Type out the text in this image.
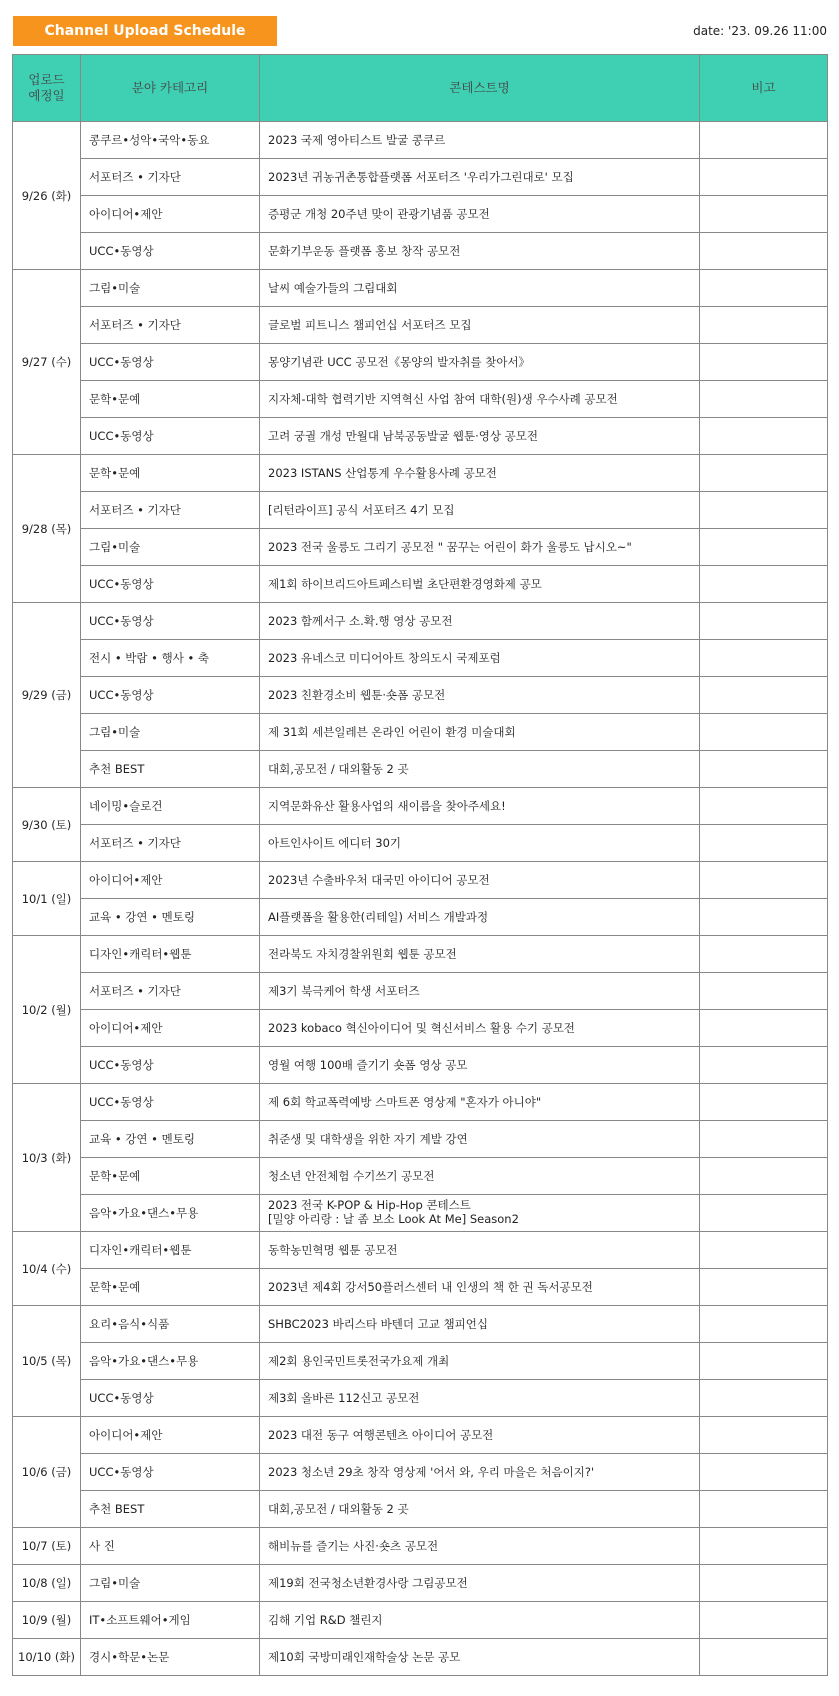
Channel Upload Schedule	date: '23. 09.26 11:00
업로드
예정일	분야 카테고리	콘테스트명	비고
9/26 (화)	콩쿠르•성악•국악•동요	2023 국제 영아티스트 발굴 콩쿠르	
	서포터즈 • 기자단	2023년 귀농귀촌통합플랫폼 서포터즈 '우리가그린대로' 모집	
	아이디어•제안	증평군 개청 20주년 맞이 관광기념품 공모전	
	UCC•동영상	문화기부운동 플랫폼 홍보 창작 공모전	
9/27 (수)	그림•미술	날씨 예술가들의 그림대회	
	서포터즈 • 기자단	글로벌 피트니스 챔피언십 서포터즈 모집	
	UCC•동영상	몽양기념관 UCC 공모전《몽양의 발자취를 찾아서》	
	문학•문예	지자체-대학 협력기반 지역혁신 사업 참여 대학(원)생 우수사례 공모전	
	UCC•동영상	고려 궁궐 개성 만월대 남북공동발굴 웹툰·영상 공모전	
9/28 (목)	문학•문예	2023 ISTANS 산업통계 우수활용사례 공모전	
	서포터즈 • 기자단	[리턴라이프] 공식 서포터즈 4기 모집	
	그림•미술	2023 전국 울릉도 그리기 공모전 " 꿈꾸는 어린이 화가 울릉도 납시오~"	
	UCC•동영상	제1회 하이브리드아트페스티벌 초단편환경영화제 공모	
9/29 (금)	UCC•동영상	2023 함께서구 소.확.행 영상 공모전	
	전시 • 박람 • 행사 • 축	2023 유네스코 미디어아트 창의도시 국제포럼	
	UCC•동영상	2023 친환경소비 웹툰·숏폼 공모전	
	그림•미술	제 31회 세븐일레븐 온라인 어린이 환경 미술대회	
	추천 BEST	대회,공모전 / 대외활동 2 곳	
9/30 (토)	네이밍•슬로건	지역문화유산 활용사업의 새이름을 찾아주세요!	
	서포터즈 • 기자단	아트인사이트 에디터 30기	
10/1 (일)	아이디어•제안	2023년 수출바우처 대국민 아이디어 공모전	
	교육 • 강연 • 멘토링	AI플랫폼을 활용한(리테일) 서비스 개발과정	
10/2 (월)	디자인•캐릭터•웹툰	전라북도 자치경찰위원회 웹툰 공모전	
	서포터즈 • 기자단	제3기 북극케어 학생 서포터즈	
	아이디어•제안	2023 kobaco 혁신아이디어 및 혁신서비스 활용 수기 공모전	
	UCC•동영상	영월 여행 100배 즐기기 숏폼 영상 공모	
10/3 (화)	UCC•동영상	제 6회 학교폭력예방 스마트폰 영상제 "혼자가 아니야"	
	교육 • 강연 • 멘토링	취준생 및 대학생을 위한 자기 계발 강연	
	문학•문예	청소년 안전체험 수기쓰기 공모전	
	음악•가요•댄스•무용	2023 전국 K-POP & Hip-Hop 콘테스트
[밀양 아리랑 : 날 좀 보소 Look At Me] Season2	

10/4 (수)	디자인•캐릭터•웹툰	동학농민혁명 웹툰 공모전	
	문학•문예	2023년 제4회 강서50플러스센터 내 인생의 책 한 권 독서공모전	
10/5 (목)	요리•음식•식품	SHBC2023 바리스타 바텐더 고교 챔피언십	
	음악•가요•댄스•무용	제2회 용인국민트롯전국가요제 개최	
	UCC•동영상	제3회 올바른 112신고 공모전	
10/6 (금)	아이디어•제안	2023 대전 동구 여행콘텐츠 아이디어 공모전	
	UCC•동영상	2023 청소년 29초 창작 영상제 '어서 와, 우리 마을은 처음이지?'	
	추천 BEST	대회,공모전 / 대외활동 2 곳	
10/7 (토)	사 진	해비뉴를 즐기는 사진·숏츠 공모전	
10/8 (일)	그림•미술	제19회 전국청소년환경사랑 그림공모전	
10/9 (월)	IT•소프트웨어•게임	김해 기업 R&D 챌린지	
10/10 (화)	경시•학문•논문	제10회 국방미래인재학술상 논문 공모	
